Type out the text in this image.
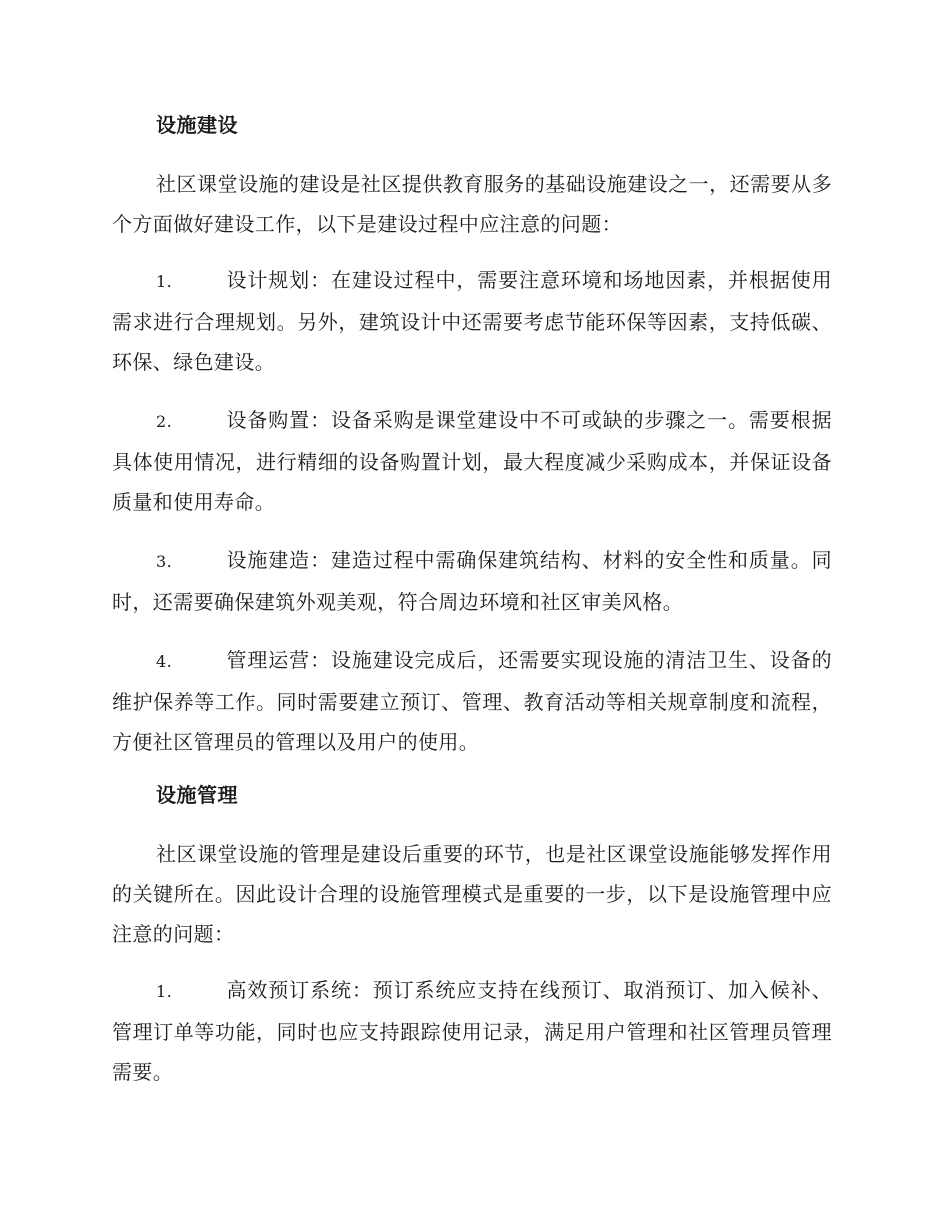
设施建设

社区课堂设施的建设是社区提供教育服务的基础设施建设之一，还需要从多个方面做好建设工作，以下是建设过程中应注意的问题：

1.	设计规划：在建设过程中，需要注意环境和场地因素，并根据使用需求进行合理规划。另外，建筑设计中还需要考虑节能环保等因素，支持低碳、环保、绿色建设。

2.	设备购置：设备采购是课堂建设中不可或缺的步骤之一。需要根据具体使用情况，进行精细的设备购置计划，最大程度减少采购成本，并保证设备质量和使用寿命。

3.	设施建造：建造过程中需确保建筑结构、材料的安全性和质量。同时，还需要确保建筑外观美观，符合周边环境和社区审美风格。

4.	管理运营：设施建设完成后，还需要实现设施的清洁卫生、设备的维护保养等工作。同时需要建立预订、管理、教育活动等相关规章制度和流程，方便社区管理员的管理以及用户的使用。

设施管理

社区课堂设施的管理是建设后重要的环节，也是社区课堂设施能够发挥作用的关键所在。因此设计合理的设施管理模式是重要的一步，以下是设施管理中应注意的问题：

1.	高效预订系统：预订系统应支持在线预订、取消预订、加入候补、管理订单等功能，同时也应支持跟踪使用记录，满足用户管理和社区管理员管理需要。
